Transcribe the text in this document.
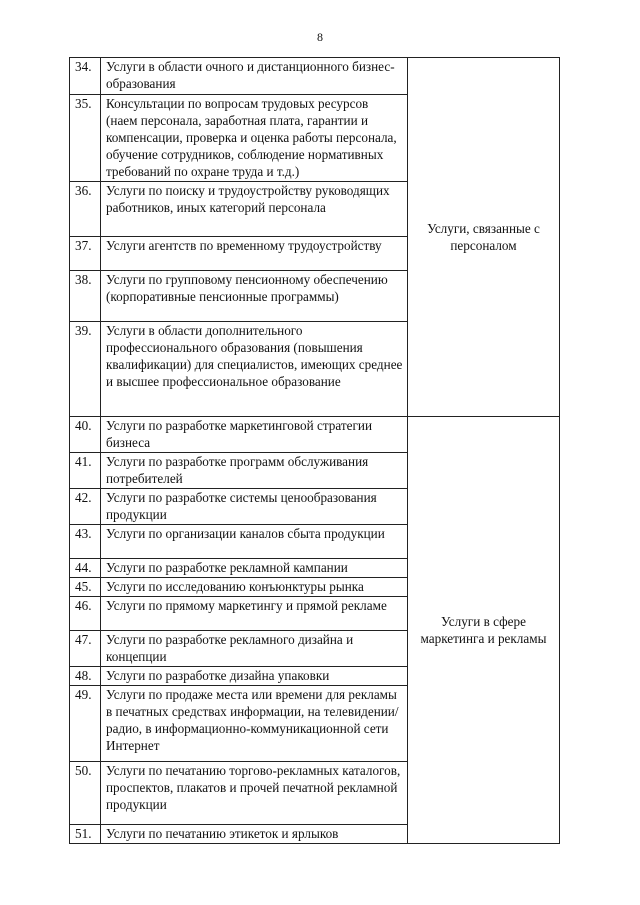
8
34.	Услуги в области очного и дистанционного бизнес-образования	Услуги, связанные с персоналом

35.	Консультации по вопросам трудовых ресурсов (наем персонала, заработная плата, гарантии и компенсации, проверка и оценка работы персонала, обучение сотрудников, соблюдение нормативных требований по охране труда и т.д.)	
36.	Услуги по поиску и трудоустройству руководящих работников, иных категорий персонала	
37.	Услуги агентств по временному трудоустройству	
38.	Услуги по групповому пенсионному обеспечению (корпоративные пенсионные программы)	
39.	Услуги в области дополнительного профессионального образования (повышения квалификации) для специалистов, имеющих среднее и высшее профессиональное образование	
40.	Услуги по разработке маркетинговой стратегии бизнеса	Услуги в сфере маркетинга и рекламы

41.	Услуги по разработке программ обслуживания потребителей	
42.	Услуги по разработке системы ценообразования продукции	
43.	Услуги по организации каналов сбыта продукции	
44.	Услуги по разработке рекламной кампании	
45.	Услуги по исследованию конъюнктуры рынка	
46.	Услуги по прямому маркетингу и прямой рекламе	
47.	Услуги по разработке рекламного дизайна и концепции	
48.	Услуги по разработке дизайна упаковки	
49.	Услуги по продаже места или времени для рекламы в печатных средствах информации, на телевидении/радио, в информационно-коммуникационной сети Интернет	
50.	Услуги по печатанию торгово-рекламных каталогов, проспектов, плакатов и прочей печатной рекламной продукции	
51.	Услуги по печатанию этикеток и ярлыков	
